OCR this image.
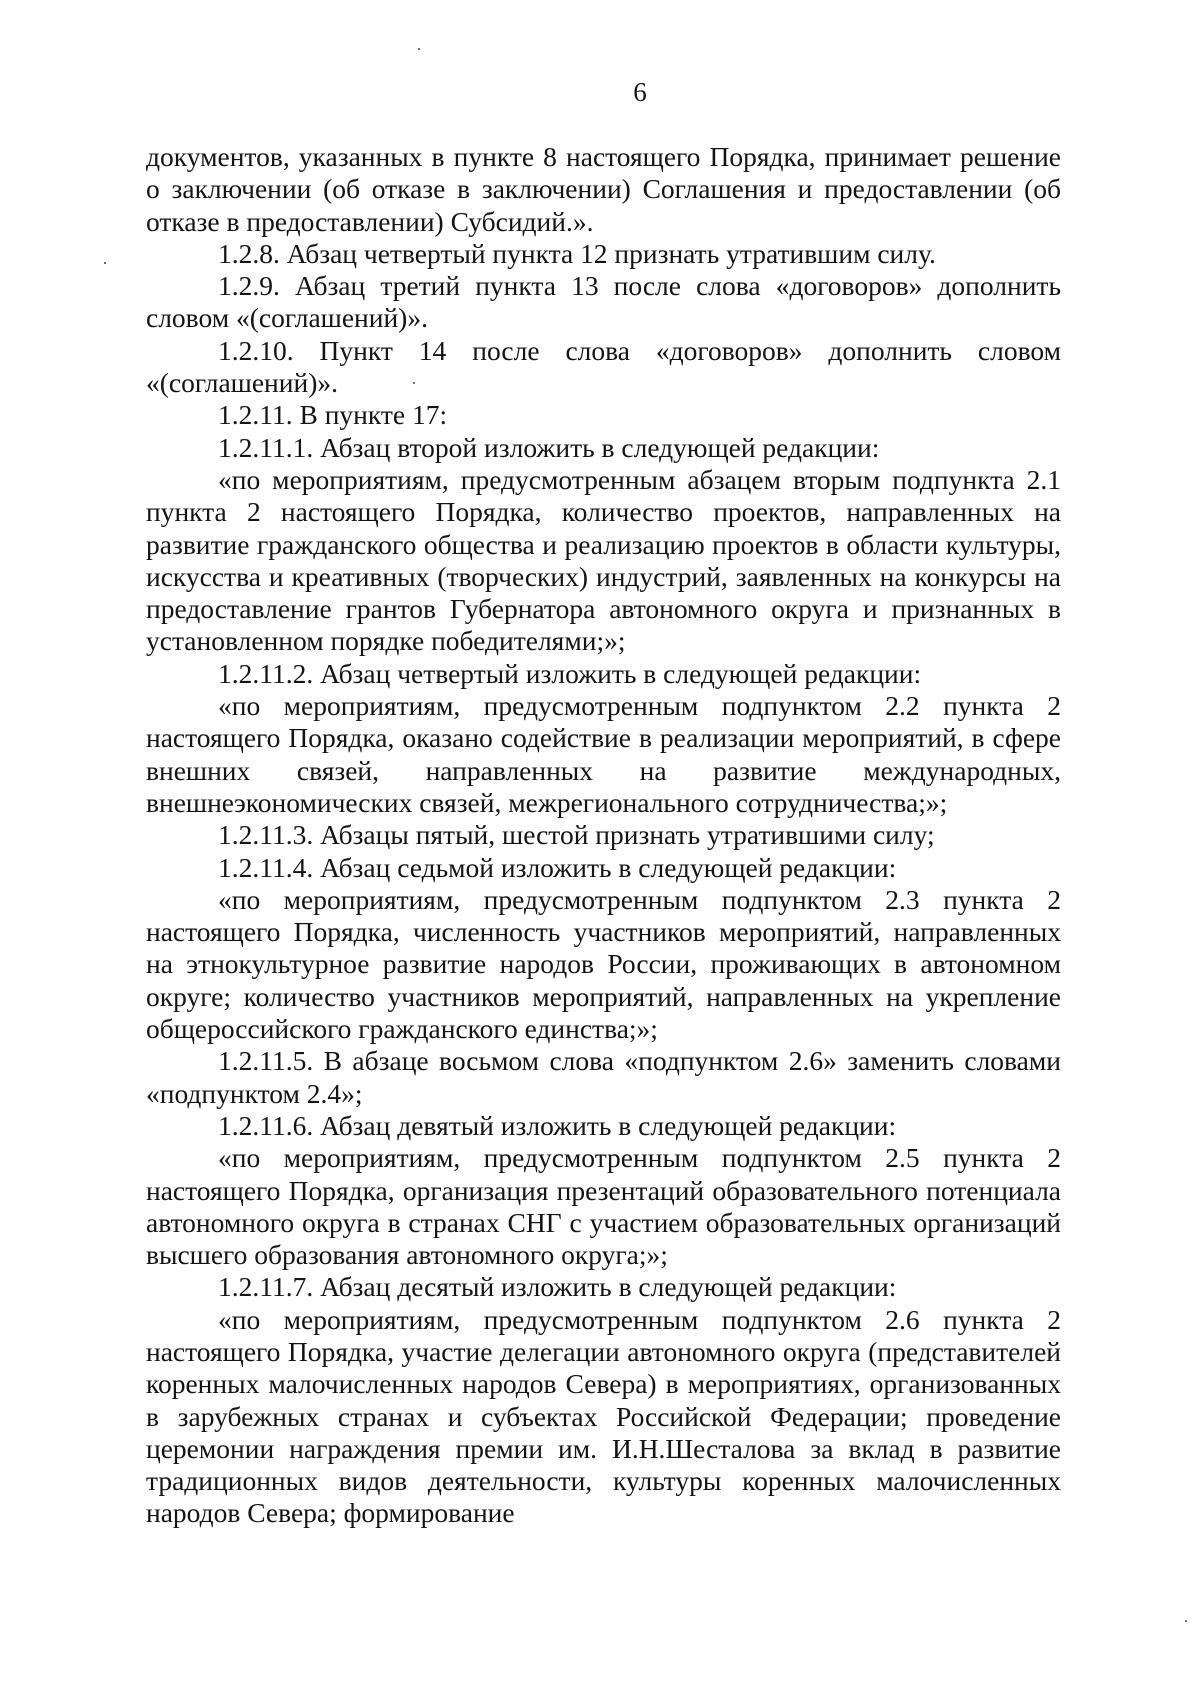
6

документов, указанных в пункте 8 настоящего Порядка, принимает решение о заключении (об отказе в заключении) Соглашения и предоставлении (об отказе в предоставлении) Субсидий.».

1.2.8. Абзац четвертый пункта 12 признать утратившим силу.

1.2.9. Абзац третий пункта 13 после слова «договоров» дополнить словом «(соглашений)».

1.2.10. Пункт 14 после слова «договоров» дополнить словом «(соглашений)».

1.2.11. В пункте 17:

1.2.11.1. Абзац второй изложить в следующей редакции:

«по мероприятиям, предусмотренным абзацем вторым подпункта 2.1 пункта 2 настоящего Порядка, количество проектов, направленных на развитие гражданского общества и реализацию проектов в области культуры, искусства и креативных (творческих) индустрий, заявленных на конкурсы на предоставление грантов Губернатора автономного округа и признанных в установленном порядке победителями;»;

1.2.11.2. Абзац четвертый изложить в следующей редакции:

«по мероприятиям, предусмотренным подпунктом 2.2 пункта 2 настоящего Порядка, оказано содействие в реализации мероприятий, в сфере внешних связей, направленных на развитие международных, внешнеэкономических связей, межрегионального сотрудничества;»;

1.2.11.3. Абзацы пятый, шестой признать утратившими силу;

1.2.11.4. Абзац седьмой изложить в следующей редакции:

«по мероприятиям, предусмотренным подпунктом 2.3 пункта 2 настоящего Порядка, численность участников мероприятий, направленных на этнокультурное развитие народов России, проживающих в автономном округе; количество участников мероприятий, направленных на укрепление общероссийского гражданского единства;»;

1.2.11.5. В абзаце восьмом слова «подпунктом 2.6» заменить словами «подпунктом 2.4»;

1.2.11.6. Абзац девятый изложить в следующей редакции:

«по мероприятиям, предусмотренным подпунктом 2.5 пункта 2 настоящего Порядка, организация презентаций образовательного потенциала автономного округа в странах СНГ с участием образовательных организаций высшего образования автономного округа;»;

1.2.11.7. Абзац десятый изложить в следующей редакции:

«по мероприятиям, предусмотренным подпунктом 2.6 пункта 2 настоящего Порядка, участие делегации автономного округа (представителей коренных малочисленных народов Севера) в мероприятиях, организованных в зарубежных странах и субъектах Российской Федерации; проведение церемонии награждения премии им. И.Н.Шесталова за вклад в развитие традиционных видов деятельности, культуры коренных малочисленных народов Севера; формирование
